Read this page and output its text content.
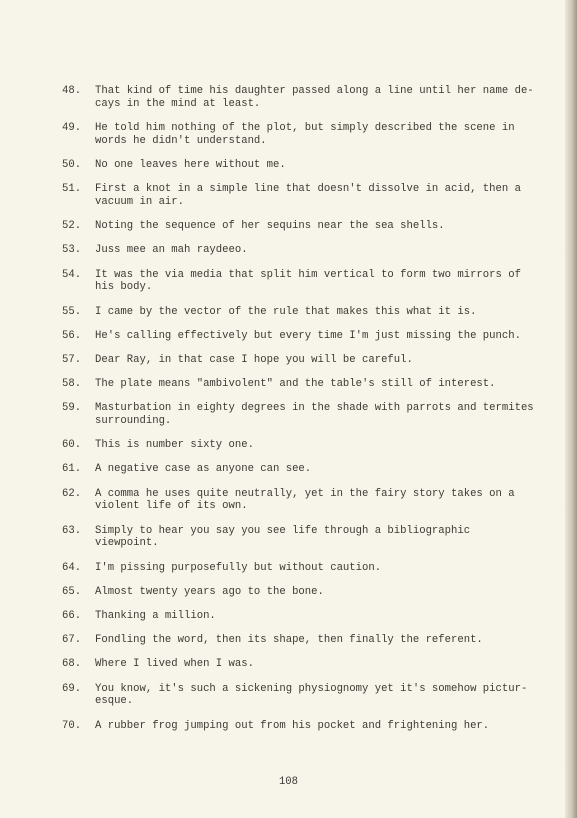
48.	That kind of time his daughter passed along a line until her name de-
cays in the mind at least.
49.	He told him nothing of the plot, but simply described the scene in
words he didn't understand.
50.	No one leaves here without me.
51.	First a knot in a simple line that doesn't dissolve in acid, then a
vacuum in air.
52.	Noting the sequence of her sequins near the sea shells.
53.	Juss mee an mah raydeeo.
54.	It was the via media that split him vertical to form two mirrors of
his body.
55.	I came by the vector of the rule that makes this what it is.
56.	He's calling effectively but every time I'm just missing the punch.
57.	Dear Ray, in that case I hope you will be careful.
58.	The plate means "ambivolent" and the table's still of interest.
59.	Masturbation in eighty degrees in the shade with parrots and termites
surrounding.
60.	This is number sixty one.
61.	A negative case as anyone can see.
62.	A comma he uses quite neutrally, yet in the fairy story takes on a
violent life of its own.
63.	Simply to hear you say you see life through a bibliographic viewpoint.
64.	I'm pissing purposefully but without caution.
65.	Almost twenty years ago to the bone.
66.	Thanking a million.
67.	Fondling the word, then its shape, then finally the referent.
68.	Where I lived when I was.
69.	You know, it's such a sickening physiognomy yet it's somehow pictur-
esque.
70.	A rubber frog jumping out from his pocket and frightening her.
108
